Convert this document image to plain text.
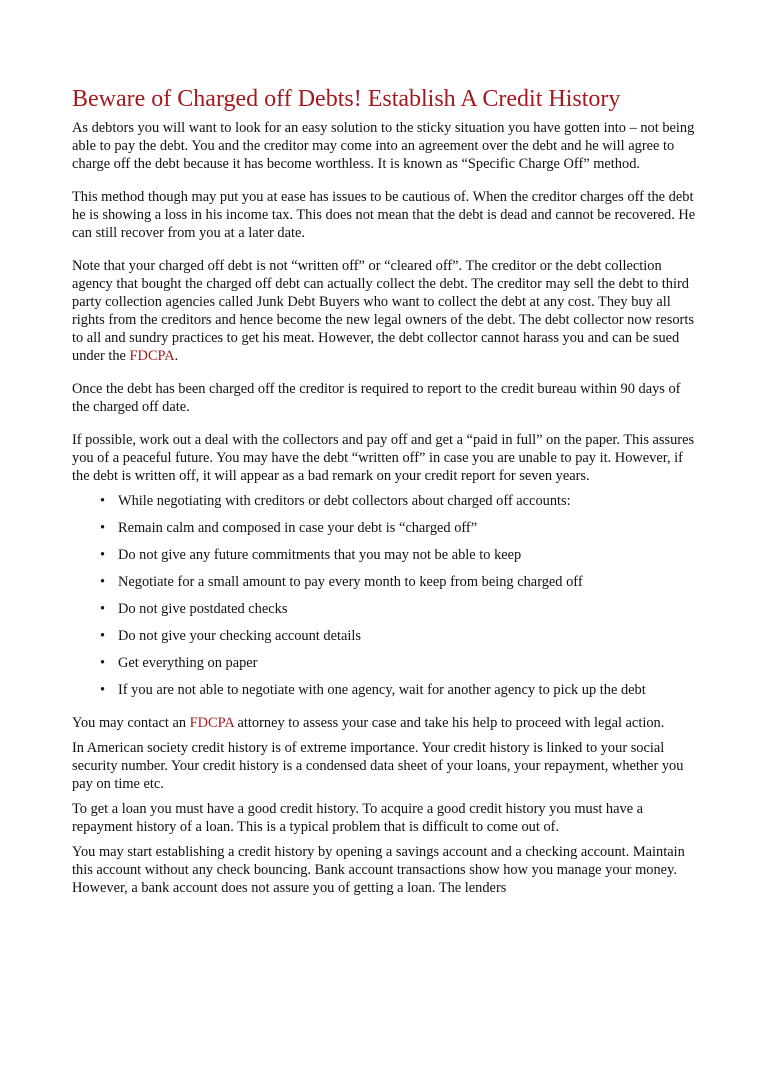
Beware of Charged off Debts! Establish A Credit History

As debtors you will want to look for an easy solution to the sticky situation you have gotten into – not being able to pay the debt. You and the creditor may come into an agreement over the debt and he will agree to charge off the debt because it has become worthless. It is known as “Specific Charge Off” method.

This method though may put you at ease has issues to be cautious of. When the creditor charges off the debt he is showing a loss in his income tax. This does not mean that the debt is dead and cannot be recovered. He can still recover from you at a later date.

Note that your charged off debt is not “written off” or “cleared off”. The creditor or the debt collection agency that bought the charged off debt can actually collect the debt. The creditor may sell the debt to third party collection agencies called Junk Debt Buyers who want to collect the debt at any cost. They buy all rights from the creditors and hence become the new legal owners of the debt. The debt collector now resorts to all and sundry practices to get his meat. However, the debt collector cannot harass you and can be sued under the FDCPA.

Once the debt has been charged off the creditor is required to report to the credit bureau within 90 days of the charged off date.

If possible, work out a deal with the collectors and pay off and get a “paid in full” on the paper. This assures you of a peaceful future. You may have the debt “written off” in case you are unable to pay it. However, if the debt is written off, it will appear as a bad remark on your credit report for seven years.

• While negotiating with creditors or debt collectors about charged off accounts:
• Remain calm and composed in case your debt is “charged off”
• Do not give any future commitments that you may not be able to keep
• Negotiate for a small amount to pay every month to keep from being charged off
• Do not give postdated checks
• Do not give your checking account details
• Get everything on paper
• If you are not able to negotiate with one agency, wait for another agency to pick up the debt

You may contact an FDCPA attorney to assess your case and take his help to proceed with legal action.

In American society credit history is of extreme importance. Your credit history is linked to your social security number. Your credit history is a condensed data sheet of your loans, your repayment, whether you pay on time etc.

To get a loan you must have a good credit history. To acquire a good credit history you must have a repayment history of a loan. This is a typical problem that is difficult to come out of.

You may start establishing a credit history by opening a savings account and a checking account. Maintain this account without any check bouncing. Bank account transactions show how you manage your money. However, a bank account does not assure you of getting a loan. The lenders
